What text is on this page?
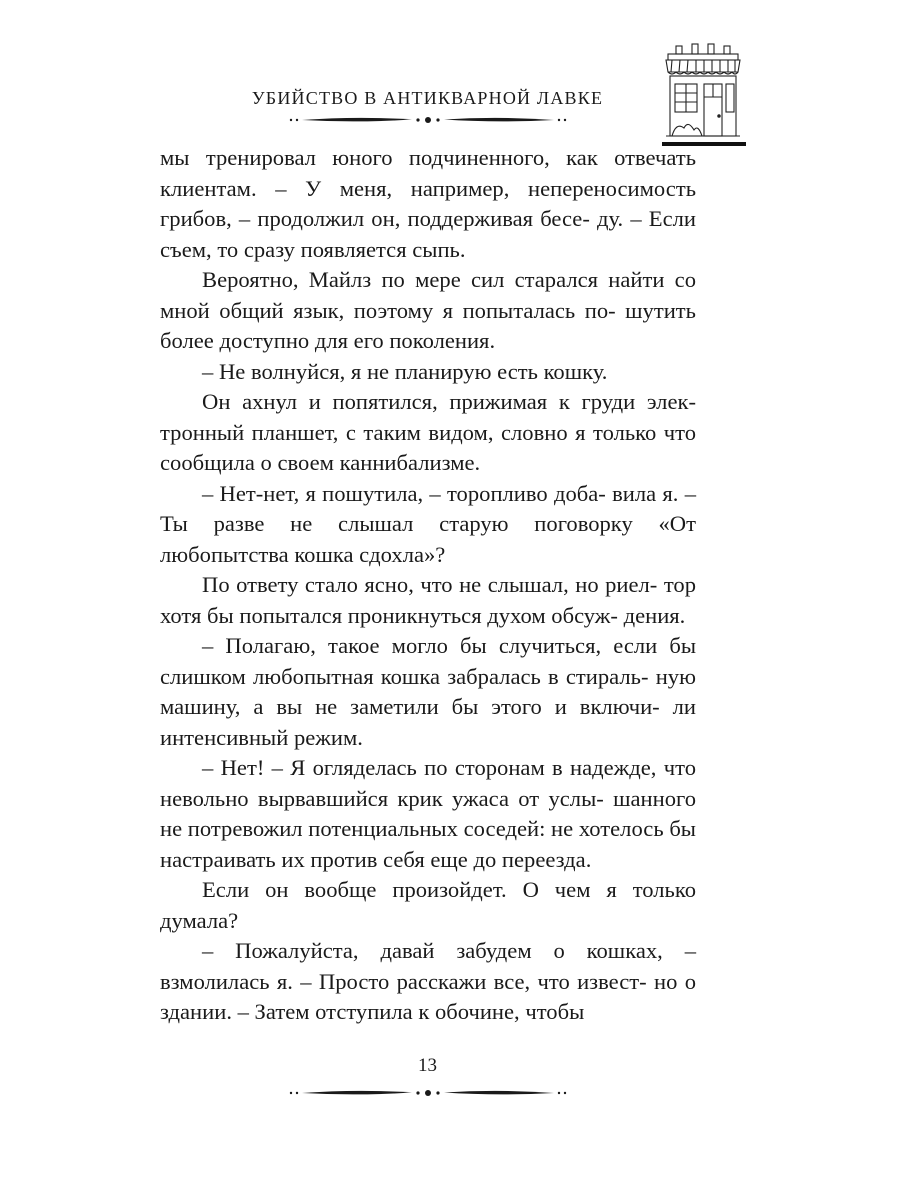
УБИЙСТВО В АНТИКВАРНОЙ ЛАВКЕ

мы тренировал юного подчиненного, как отвечать клиентам. – У меня, например, непереносимость грибов, – продолжил он, поддерживая бесе- ду. – Если съем, то сразу появляется сыпь.

Вероятно, Майлз по мере сил старался найти со мной общий язык, поэтому я попыталась по- шутить более доступно для его поколения.

– Не волнуйся, я не планирую есть кошку.

Он ахнул и попятился, прижимая к груди элек- тронный планшет, с таким видом, словно я только что сообщила о своем каннибализме.

– Нет-нет, я пошутила, – торопливо доба- вила я. – Ты разве не слышал старую поговорку «От любопытства кошка сдохла»?

По ответу стало ясно, что не слышал, но риел- тор хотя бы попытался проникнуться духом обсуж- дения.

– Полагаю, такое могло бы случиться, если бы слишком любопытная кошка забралась в стираль- ную машину, а вы не заметили бы этого и включи- ли интенсивный режим.

– Нет! – Я огляделась по сторонам в надежде, что невольно вырвавшийся крик ужаса от услы- шанного не потревожил потенциальных соседей: не хотелось бы настраивать их против себя еще до переезда.

Если он вообще произойдет. О чем я только думала?

– Пожалуйста, давай забудем о кошках, – взмолилась я. – Просто расскажи все, что извест- но о здании. – Затем отступила к обочине, чтобы

13
